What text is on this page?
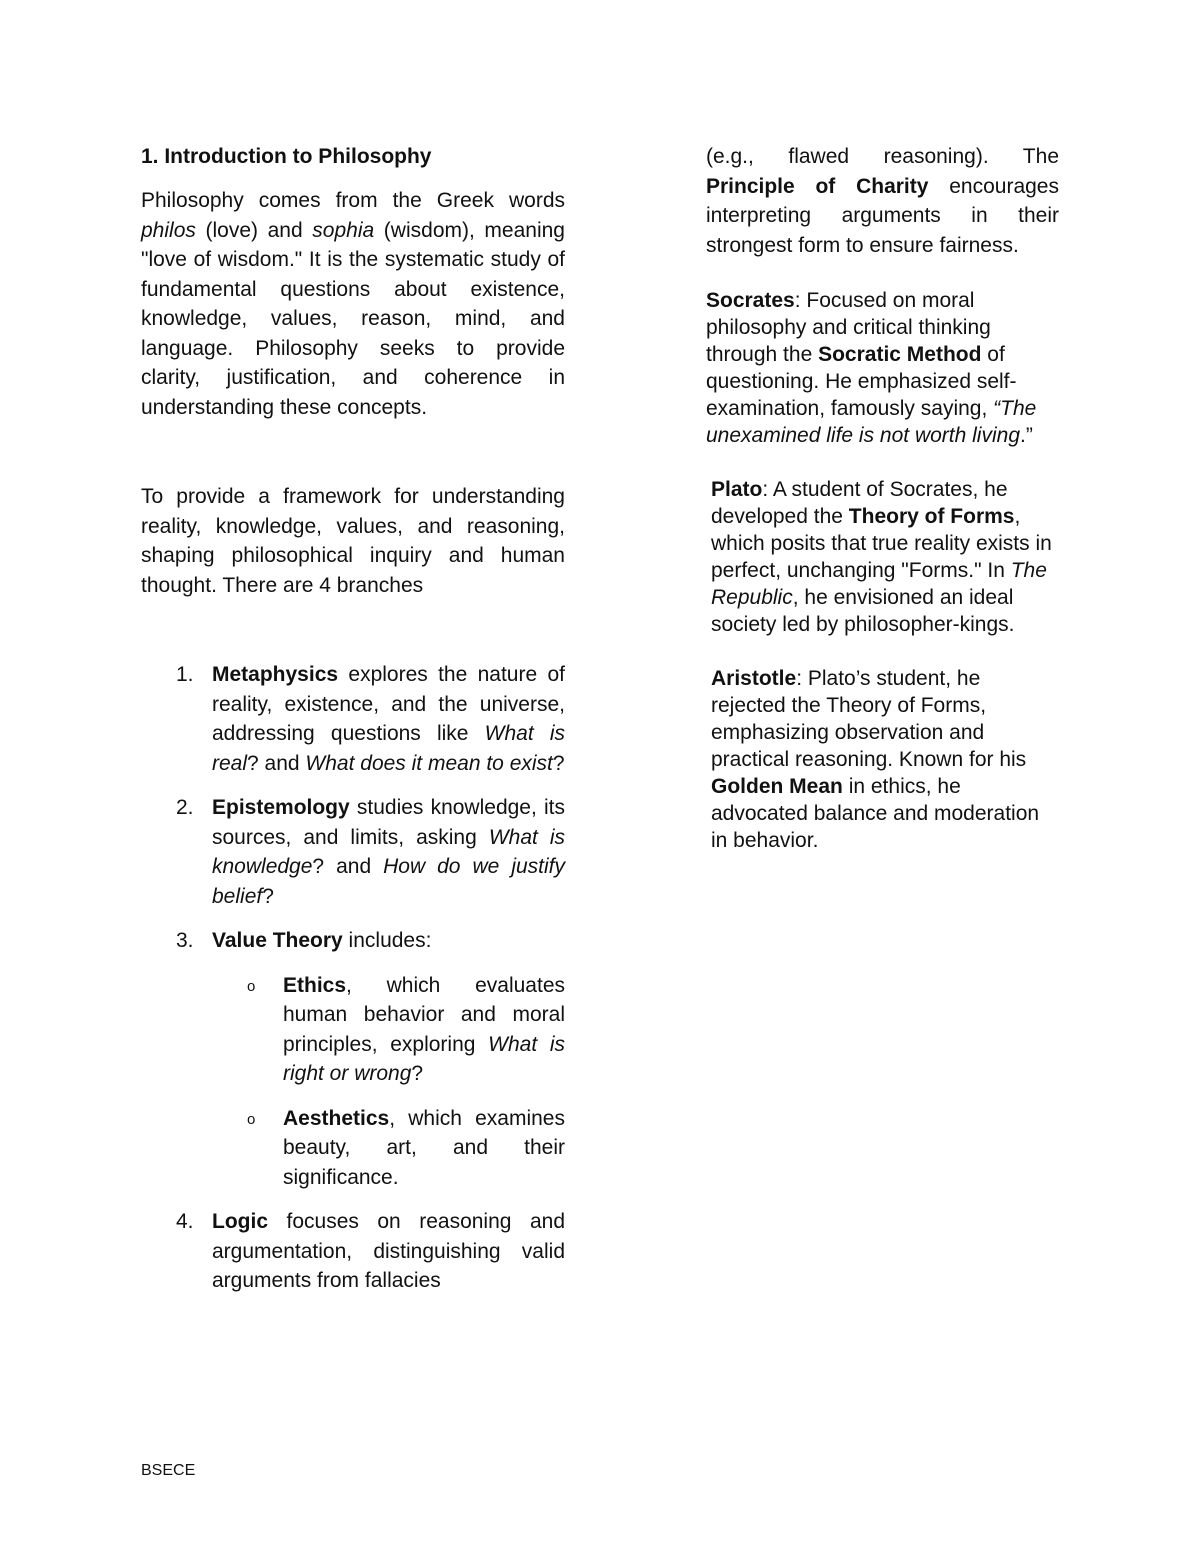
1. Introduction to Philosophy

Philosophy comes from the Greek words philos (love) and sophia (wisdom), meaning "love of wisdom." It is the systematic study of fundamental questions about existence, knowledge, values, reason, mind, and language. Philosophy seeks to provide clarity, justification, and coherence in understanding these concepts.

To provide a framework for understanding reality, knowledge, values, and reasoning, shaping philosophical inquiry and human thought. There are 4 branches

1. Metaphysics explores the nature of reality, existence, and the universe, addressing questions like What is real? and What does it mean to exist?
2. Epistemology studies knowledge, its sources, and limits, asking What is knowledge? and How do we justify belief?
3. Value Theory includes:
o Ethics, which evaluates human behavior and moral principles, exploring What is right or wrong?
o Aesthetics, which examines beauty, art, and their significance.
4. Logic focuses on reasoning and argumentation, distinguishing valid arguments from fallacies

(e.g., flawed reasoning). The Principle of Charity encourages interpreting arguments in their strongest form to ensure fairness.

Socrates: Focused on moral philosophy and critical thinking through the Socratic Method of questioning. He emphasized self-examination, famously saying, “The unexamined life is not worth living.”

Plato: A student of Socrates, he developed the Theory of Forms, which posits that true reality exists in perfect, unchanging "Forms." In The Republic, he envisioned an ideal society led by philosopher-kings.

Aristotle: Plato’s student, he rejected the Theory of Forms, emphasizing observation and practical reasoning. Known for his Golden Mean in ethics, he advocated balance and moderation in behavior.

BSECE
